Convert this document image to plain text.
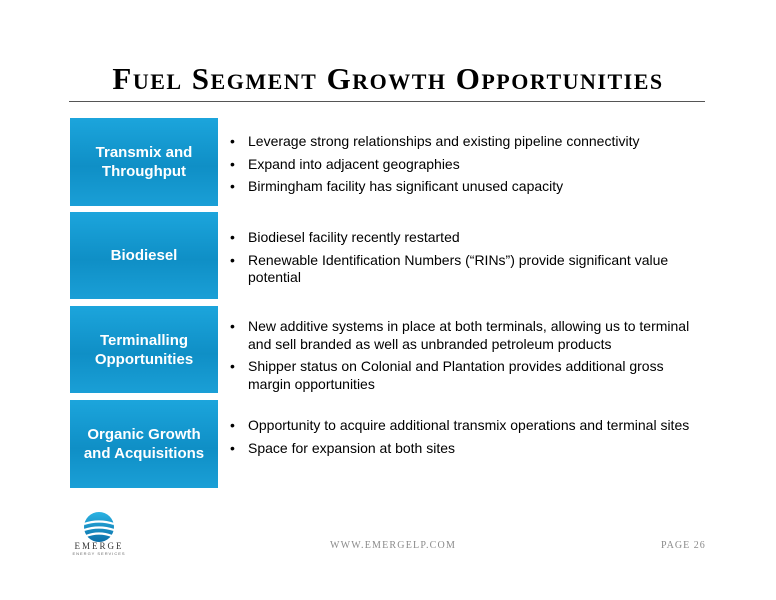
Fuel Segment Growth Opportunities
Transmix and Throughput
• Leverage strong relationships and existing pipeline connectivity
• Expand into adjacent geographies
• Birmingham facility has significant unused capacity
Biodiesel
• Biodiesel facility recently restarted
• Renewable Identification Numbers (“RINs”) provide significant value potential
Terminalling Opportunities
• New additive systems in place at both terminals, allowing us to terminal and sell branded as well as unbranded petroleum products
• Shipper status on Colonial and Plantation provides additional gross margin opportunities
Organic Growth and Acquisitions
• Opportunity to acquire additional transmix operations and terminal sites
• Space for expansion at both sites
EMERGE
ENERGY SERVICES
WWW.EMERGELP.COM	PAGE 26
